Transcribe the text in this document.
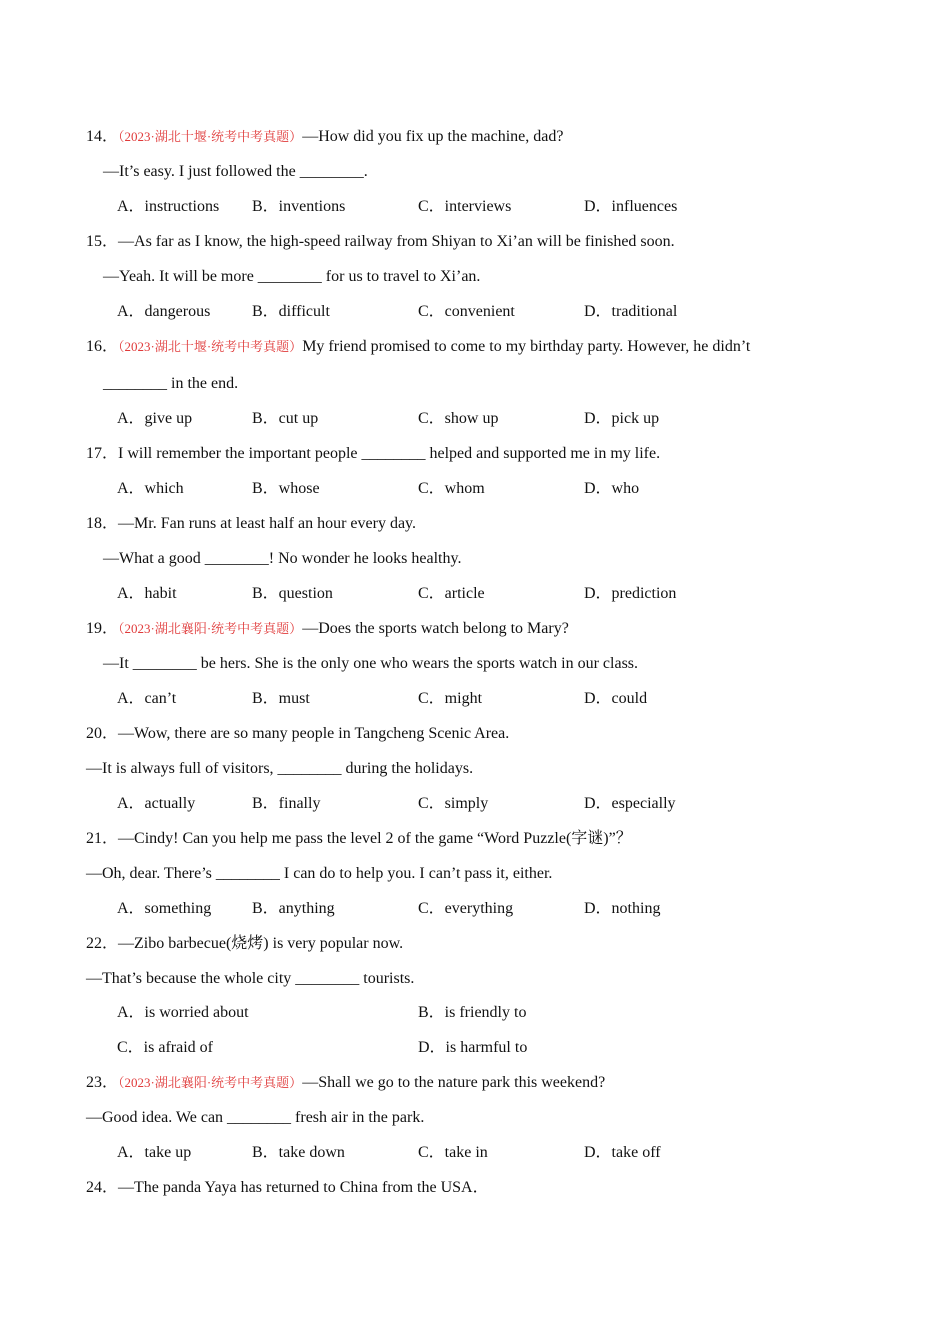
14．（2023·湖北十堰·统考中考真题）—How did you fix up the machine, dad?
—It’s easy. I just followed the ________.
A．instructions B．inventions	C．interviews	D．influences
15．—As far as I know, the high-speed railway from Shiyan to Xi’an will be finished soon.
—Yeah. It will be more ________ for us to travel to Xi’an.
A．dangerous	B．difficult	C．convenient	D．traditional
16．（2023·湖北十堰·统考中考真题）My friend promised to come to my birthday party. However, he didn’t
________ in the end.
A．give up	B．cut up	C．show up	D．pick up
17．I will remember the important people ________ helped and supported me in my life.
A．which	B．whose	C．whom	D．who
18．—Mr. Fan runs at least half an hour every day.
—What a good ________! No wonder he looks healthy.
A．habit	B．question	C．article	D．prediction
19．（2023·湖北襄阳·统考中考真题）—Does the sports watch belong to Mary?
—It ________ be hers. She is the only one who wears the sports watch in our class.
A．can’t	B．must	C．might	D．could
20．—Wow, there are so many people in Tangcheng Scenic Area.
—It is always full of visitors, ________ during the holidays.
A．actually	B．finally	C．simply	D．especially
21．—Cindy! Can you help me pass the level 2 of the game “Word Puzzle(字谜)”？
—Oh, dear. There’s ________ I can do to help you. I can’t pass it, either.
A．something	B．anything	C．everything	D．nothing
22．—Zibo barbecue(烧烤) is very popular now.
—That’s because the whole city ________ tourists.
A．is worried about	B．is friendly to
C．is afraid of	D．is harmful to
23．（2023·湖北襄阳·统考中考真题）—Shall we go to the nature park this weekend?
—Good idea. We can ________ fresh air in the park.
A．take up	B．take down	C．take in	D．take off
24．—The panda Yaya has returned to China from the USA．
